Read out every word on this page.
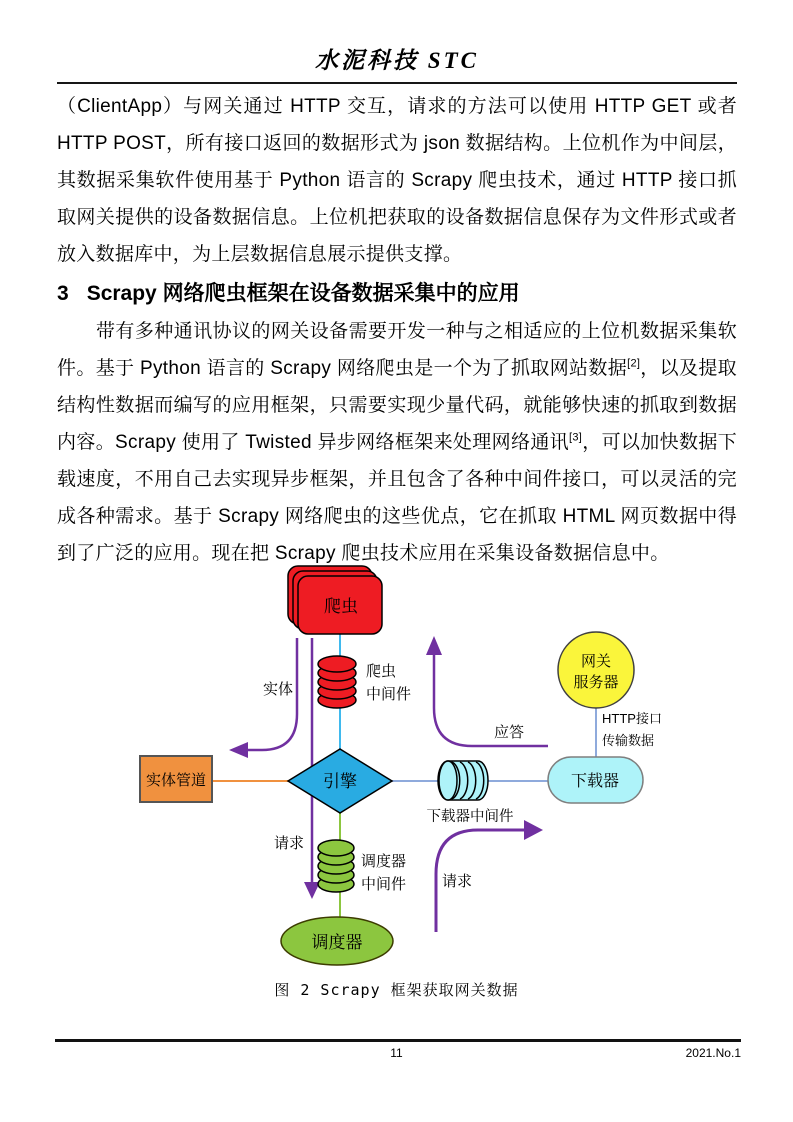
水泥科技 STC

（ClientApp）与网关通过 HTTP 交互，请求的方法可以使用 HTTP GET 或者 HTTP POST，所有接口返回的数据形式为 json 数据结构。上位机作为中间层，其数据采集软件使用基于 Python 语言的 Scrapy 爬虫技术，通过 HTTP 接口抓取网关提供的设备数据信息。上位机把获取的设备数据信息保存为文件形式或者放入数据库中，为上层数据信息展示提供支撑。

3 Scrapy 网络爬虫框架在设备数据采集中的应用

带有多种通讯协议的网关设备需要开发一种与之相适应的上位机数据采集软件。基于 Python 语言的 Scrapy 网络爬虫是一个为了抓取网站数据[2]，以及提取结构性数据而编写的应用框架，只需要实现少量代码，就能够快速的抓取到数据内容。Scrapy 使用了 Twisted 异步网络框架来处理网络通讯[3]，可以加快数据下载速度，不用自己去实现异步框架，并且包含了各种中间件接口，可以灵活的完成各种需求。基于 Scrapy 网络爬虫的这些优点，它在抓取 HTML 网页数据中得到了广泛的应用。现在把 Scrapy 爬虫技术应用在采集设备数据信息中。

爬虫
爬虫
中间件
实体
实体管道	引擎
请求
调度器
中间件
调度器
下载器中间件
下载器
网关
服务器
HTTP接口
传输数据
应答
请求
图 2 Scrapy 框架获取网关数据
11	2021.No.1
